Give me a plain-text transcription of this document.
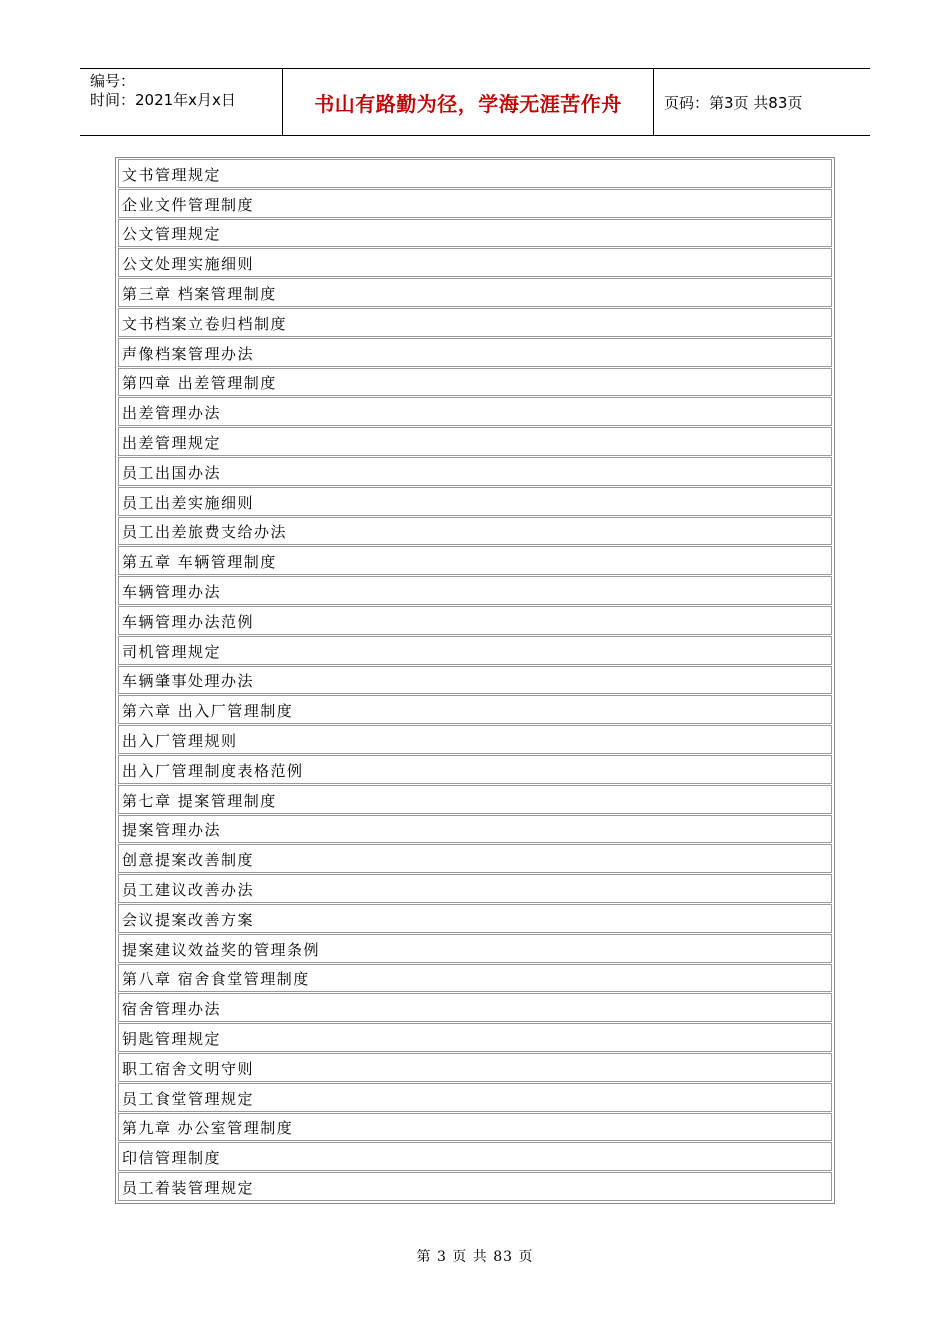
编号：
时间：2021年x月x日	书山有路勤为径，学海无涯苦作舟	页码：第3页 共83页
文书管理规定
企业文件管理制度
公文管理规定
公文处理实施细则
第三章 档案管理制度
文书档案立卷归档制度
声像档案管理办法
第四章 出差管理制度
出差管理办法
出差管理规定
员工出国办法
员工出差实施细则
员工出差旅费支给办法
第五章 车辆管理制度
车辆管理办法
车辆管理办法范例
司机管理规定
车辆肇事处理办法
第六章 出入厂管理制度
出入厂管理规则
出入厂管理制度表格范例
第七章 提案管理制度
提案管理办法
创意提案改善制度
员工建议改善办法
会议提案改善方案
提案建议效益奖的管理条例
第八章 宿舍食堂管理制度
宿舍管理办法
钥匙管理规定
职工宿舍文明守则
员工食堂管理规定
第九章 办公室管理制度
印信管理制度
员工着装管理规定
第 3 页 共 83 页
